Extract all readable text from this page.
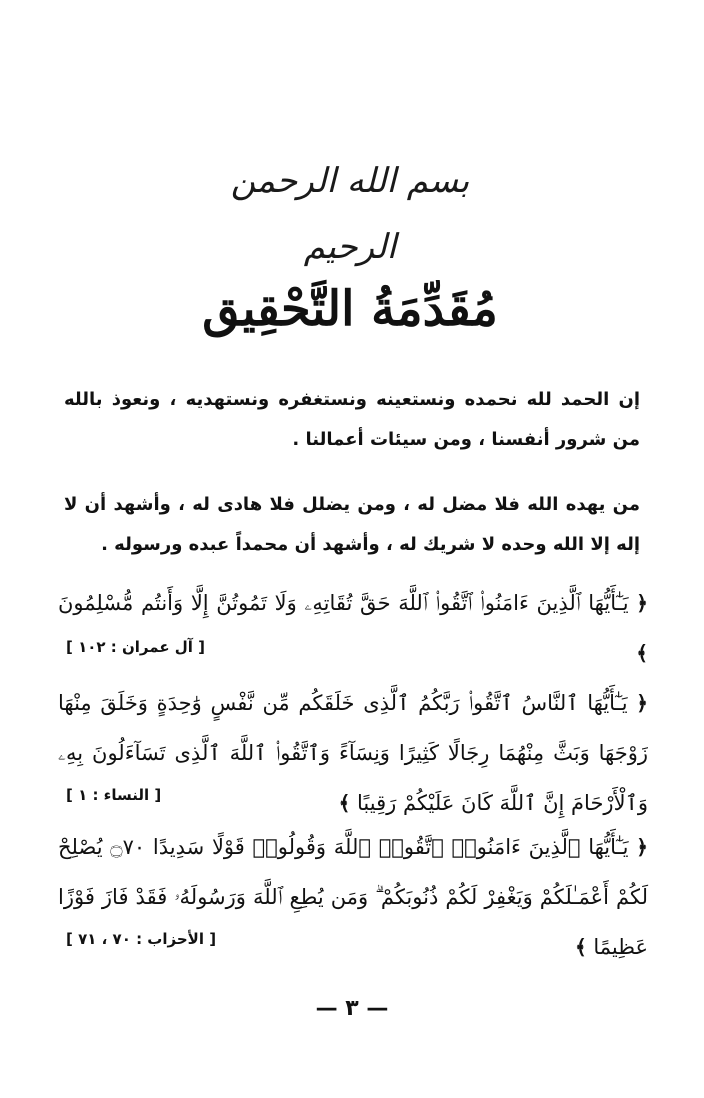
بسم الله الرحمن الرحيم
مُقَدِّمَةُ التَّحْقِيق
إن الحمد لله نحمده ونستعينه ونستغفره ونستهديه ، ونعوذ بالله من شرور أنفسنا ، ومن سيئات أعمالنا .
من يهده الله فلا مضل له ، ومن يضلل فلا هادى له ، وأشهد أن لا إله إلا الله وحده لا شريك له ، وأشهد أن محمداً عبده ورسوله .
﴿ يَـٰٓأَيُّهَا ٱلَّذِينَ ءَامَنُوا۟ ٱتَّقُوا۟ ٱللَّهَ حَقَّ تُقَاتِهِۦ وَلَا تَمُوتُنَّ إِلَّا وَأَنتُم مُّسْلِمُونَ ﴾
[ آل عمران : ١٠٢ ]
﴿ يَـٰٓأَيُّهَا ٱلنَّاسُ ٱتَّقُوا۟ رَبَّكُمُ ٱلَّذِى خَلَقَكُم مِّن نَّفْسٍ وَٰحِدَةٍ وَخَلَقَ مِنْهَا زَوْجَهَا وَبَثَّ مِنْهُمَا رِجَالًا كَثِيرًا وَنِسَآءً وَٱتَّقُوا۟ ٱللَّهَ ٱلَّذِى تَسَآءَلُونَ بِهِۦ وَٱلْأَرْحَامَ إِنَّ ٱللَّهَ كَانَ عَلَيْكُمْ رَقِيبًا ﴾
[ النساء : ١ ]
﴿ يَـٰٓأَيُّهَا ٱلَّذِينَ ءَامَنُوا۟ ٱتَّقُوا۟ ٱللَّهَ وَقُولُوا۟ قَوْلًا سَدِيدًا ۝٧٠ يُصْلِحْ لَكُمْ أَعْمَـٰلَكُمْ وَيَغْفِرْ لَكُمْ ذُنُوبَكُمْ ۗ وَمَن يُطِعِ ٱللَّهَ وَرَسُولَهُۥ فَقَدْ فَازَ فَوْزًا عَظِيمًا ﴾
[ الأحزاب : ٧٠ ، ٧١ ]
— ٣ —
